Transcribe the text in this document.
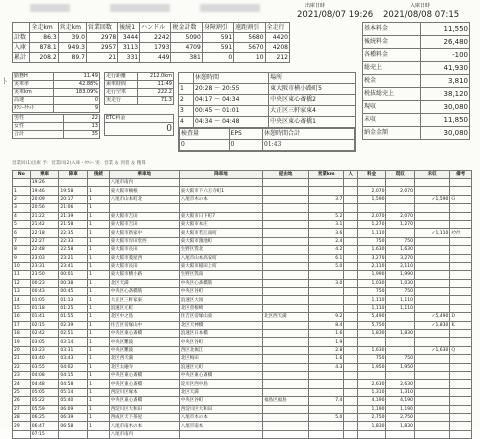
出庫日時	入庫日時
2021/08/07 19:26 2021/08/08 07:15
	全走km	営走km	営業回数	後続1	ハンドル	税金計数	身障割引	遠距割引	全走行
計数	86.3	39.0	2978	3444	2242	5090	591	5680	4420
入庫	878.1	949.3	2957	3113	1793	4709	591	5670	4208
累計	208.2	89.7	21	331	449	381	0	10	212
勤務H	11.49
実車率	42.88%
実車km	183.09%
高速	0
ﾀｸｼｰﾁｹｯﾄ	9
走行距離	212.0km
乗車時間	11:49
走行空車	222.2
実走行	71.3
男性	22
女性	13
合計	35
ETC料金
0
	休憩時間	場所
1	20:28 ～ 20:55	東大阪市横小路町5
2	04:17 ～ 04:34	中央区東心斎橋2
3	00:45 ～ 01:01	大正区三軒家東4
4	04:34 ～ 04:48	中央区東心斎橋1

検査量	EPS	休憩時間合計
0	0	01:43
基本料金	11,550
後続料金	26,480
各種料金	-100
総売上	41,930
税金	3,810
税抜総売上	38,120
現収	30,080
未収	11,850
納金金額	30,080
営業回(1)出庫 予：営業回(2)入庫・ﾀｸｼｰ 実：営業 ＆ 到着 ＆ 精算
No	乗車	降車	後続	乗車地	降車地	経由地	営業km	人	料金	現収	未収	備考
	19:26			八尾市南内								
1	19:46	19:58	1	東大阪市楠根	東大阪市下六万寺町1				2,070	2,070		
2	20:09	20:17	1	八尾市山本町北	八尾市木の本		3.7		1,590		✓1,590	G
3	20:56	21:06	1									
4	21:22	21:39	1	東大阪市吉田	東大阪市日下町7		5.2		2,070	2,070		
5	21:42	21:58	1	東大阪市吉田	東大阪市本庄		3.1		1,270	1,270		
6	22:18	22:35	1	東大阪市新家中	東大阪市若江南町		3.6		1,110		✓1,110	ﾀｸﾁｹ
7	22:27	22:33	1	東大阪市岸田堂西	東大阪市鴻池町		2.4		750	750		
8	22:48	22:58	1	東大阪市長田	生野区巽北		4.2		1,630	1,630		
9	23:03	23:21	1	東大阪市菱屋西	八尾市山本高安町		6.1		3,270	3,270		
10	23:31	23:41	1	東大阪市長田	東大阪市稲田上町		5.0		2,110	2,110		
11	23:50	00:01	1	東大阪市横小路	生野区巽南				1,990	1,990		
12	00:23	00:38	1	北区天満	中央区心斎橋筋		3.0		1,030	1,030		
13	00:43	00:45	1	中央区心斎橋筋	中央区谷町				750	750		
14	01:05	01:13	1	大正区三軒家東	浪速区大国				1,110	1,110		
15	01:18	01:25	1	浪速区元町	北区曽根崎				1,110	1,110		
16	01:41	01:55	1	北区中之島	住吉区帝塚山東	北区西天満	9.2		5,490		✓5,490	D
17	02:15	02:39	1	住吉区帝塚山中	北区天神橋		8.4		5,750		✓1,830	K
18	02:42	02:51	1	中央区東心斎橋	浪速区日本橋		1.6		1,830	1,830		
19	03:05	03:14	1	中央区難波	中央区谷町		1.9					
20	03:23	03:31	1	中央区難波	西区北堀江		2.8		1,630		✓1,630	Q
21	03:40	03:43	1	北区西天満	北区梅田		1.6		750	750		
22	03:55	04:02	1	北区太融寺	浪速区元町		4.3		1,950	1,950		
23	04:08	04:15	1	中央区東心斎橋	中央区東心斎橋							
24	04:48	04:58	1	中央区東心斎橋	淀川区西中島				2,630	2,630		
25	05:05	05:14	1	西淀川区塚本	北区天満				1,310	1,310		
26	05:22	05:40	1	中央区東心斎橋	中央区谷町	福島区福島	7.4		4,190	4,190		
27	05:59	06:09	1	西淀川区大和田	西淀川区大和田				1,190	1,190		
28	06:25	06:39	1	西成区天下茶屋	八尾市木の本		5.0		2,750	2,750		
29	06:47	06:58	1	八尾市南木の本	八尾市南本				1,830	1,830		
	07:15			八尾市南内								
ﾄ
